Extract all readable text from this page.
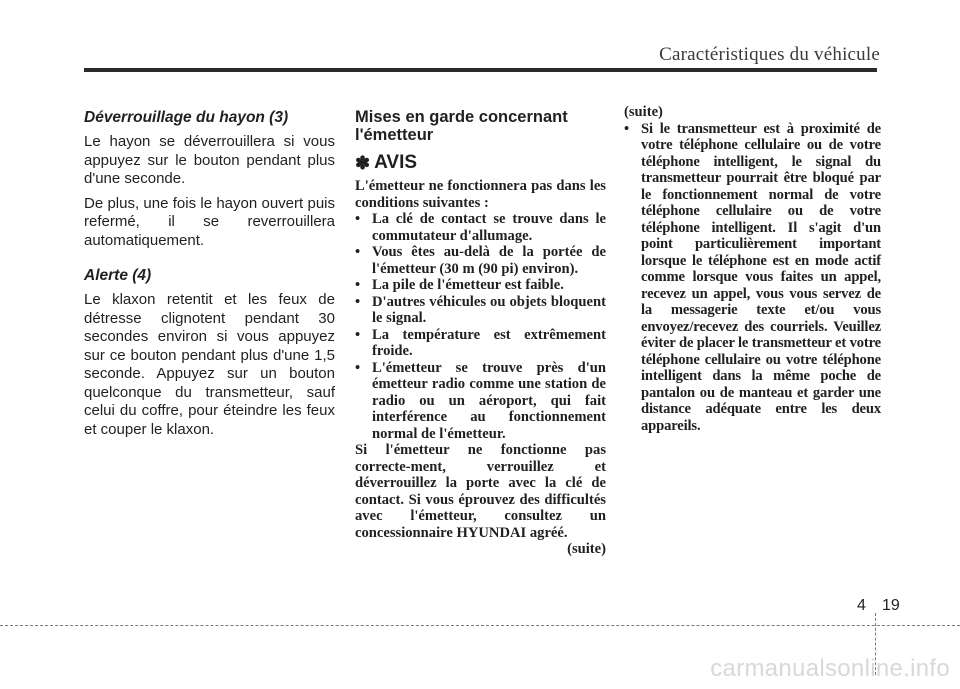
Caractéristiques du véhicule
Déverrouillage du hayon (3)

Le hayon se déverrouillera si vous appuyez sur le bouton pendant plus d'une seconde.

De plus, une fois le hayon ouvert puis refermé, il se reverrouillera automatiquement.

Alerte (4)

Le klaxon retentit et les feux de détresse clignotent pendant 30 secondes environ si vous appuyez sur ce bouton pendant plus d'une 1,5 seconde. Appuyez sur un bouton quelconque du transmetteur, sauf celui du coffre, pour éteindre les feux et couper le klaxon.

Mises en garde concernant l'émetteur
✽ AVIS

L'émetteur ne fonctionnera pas dans les conditions suivantes :

• La clé de contact se trouve dans le commutateur d'allumage.
• Vous êtes au-delà de la portée de l'émetteur (30 m (90 pi) environ).
• La pile de l'émetteur est faible.
• D'autres véhicules ou objets bloquent le signal.
• La température est extrêmement froide.
• L'émetteur se trouve près d'un émetteur radio comme une station de radio ou un aéroport, qui fait interférence au fonctionnement normal de l'émetteur.

Si l'émetteur ne fonctionne pas correcte-ment, verrouillez et déverrouillez la porte avec la clé de contact. Si vous éprouvez des difficultés avec l'émetteur, consultez un concessionnaire HYUNDAI agréé.

(suite)

(suite)

• Si le transmetteur est à proximité de votre téléphone cellulaire ou de votre téléphone intelligent, le signal du transmetteur pourrait être bloqué par le fonctionnement normal de votre téléphone cellulaire ou de votre téléphone intelligent. Il s'agit d'un point particulièrement important lorsque le téléphone est en mode actif comme lorsque vous faites un appel, recevez un appel, vous vous servez de la messagerie texte et/ou vous envoyez/recevez des courriels. Veuillez éviter de placer le transmetteur et votre téléphone cellulaire ou votre téléphone intelligent dans la même poche de pantalon ou de manteau et garder une distance adéquate entre les deux appareils.
4 19
carmanualsonline.info
